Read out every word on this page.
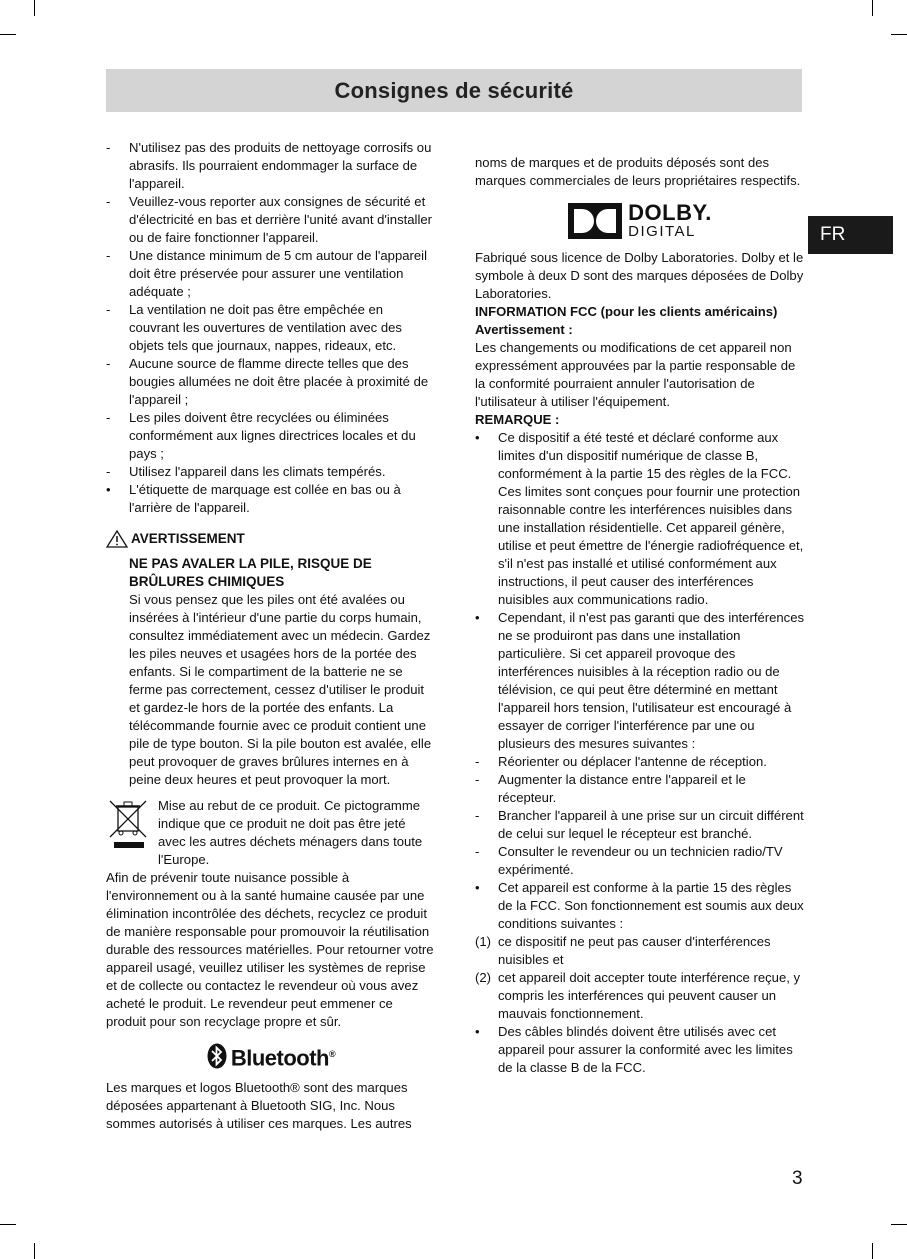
Consignes de sécurité
FR
-	N'utilisez pas des produits de nettoyage corrosifs ou abrasifs. Ils pourraient endommager la surface de l'appareil.
-	Veuillez-vous reporter aux consignes de sécurité et d'électricité en bas et derrière l'unité avant d'installer ou de faire fonctionner l'appareil.
-	Une distance minimum de 5 cm autour de l'appareil doit être préservée pour assurer une ventilation adéquate ;
-	La ventilation ne doit pas être empêchée en couvrant les ouvertures de ventilation avec des objets tels que journaux, nappes, rideaux, etc.
-	Aucune source de flamme directe telles que des bougies allumées ne doit être placée à proximité de l'appareil ;
-	Les piles doivent être recyclées ou éliminées conformément aux lignes directrices locales et du pays ;
-	Utilisez l'appareil dans les climats tempérés.
•	L'étiquette de marquage est collée en bas ou à l'arrière de l'appareil.
AVERTISSEMENT
NE PAS AVALER LA PILE, RISQUE DE BRÛLURES CHIMIQUES

Si vous pensez que les piles ont été avalées ou insérées à l'intérieur d'une partie du corps humain, consultez immédiatement avec un médecin. Gardez les piles neuves et usagées hors de la portée des enfants. Si le compartiment de la batterie ne se ferme pas correctement, cessez d'utiliser le produit et gardez-le hors de la portée des enfants. La télécommande fournie avec ce produit contient une pile de type bouton. Si la pile bouton est avalée, elle peut provoquer de graves brûlures internes en à peine deux heures et peut provoquer la mort.

Mise au rebut de ce produit. Ce pictogramme indique que ce produit ne doit pas être jeté avec les autres déchets ménagers dans toute l'Europe.

Afin de prévenir toute nuisance possible à l'environnement ou à la santé humaine causée par une élimination incontrôlée des déchets, recyclez ce produit de manière responsable pour promouvoir la réutilisation durable des ressources matérielles. Pour retourner votre appareil usagé, veuillez utiliser les systèmes de reprise et de collecte ou contactez le revendeur où vous avez acheté le produit. Le revendeur peut emmener ce produit pour son recyclage propre et sûr.

Bluetooth®

Les marques et logos Bluetooth® sont des marques déposées appartenant à Bluetooth SIG, Inc. Nous sommes autorisés à utiliser ces marques. Les autres

noms de marques et de produits déposés sont des marques commerciales de leurs propriétaires respectifs.

DOLBY.
DIGITAL

Fabriqué sous licence de Dolby Laboratories. Dolby et le symbole à deux D sont des marques déposées de Dolby Laboratories.

INFORMATION FCC (pour les clients américains)

Avertissement :

Les changements ou modifications de cet appareil non expressément approuvées par la partie responsable de la conformité pourraient annuler l'autorisation de l'utilisateur à utiliser l'équipement.

REMARQUE :

•	Ce dispositif a été testé et déclaré conforme aux limites d'un dispositif numérique de classe B, conformément à la partie 15 des règles de la FCC. Ces limites sont conçues pour fournir une protection raisonnable contre les interférences nuisibles dans une installation résidentielle. Cet appareil génère, utilise et peut émettre de l'énergie radiofréquence et, s'il n'est pas installé et utilisé conformément aux instructions, il peut causer des interférences nuisibles aux communications radio.
•	Cependant, il n'est pas garanti que des interférences ne se produiront pas dans une installation particulière. Si cet appareil provoque des interférences nuisibles à la réception radio ou de télévision, ce qui peut être déterminé en mettant l'appareil hors tension, l'utilisateur est encouragé à essayer de corriger l'interférence par une ou plusieurs des mesures suivantes :
-	Réorienter ou déplacer l'antenne de réception.
-	Augmenter la distance entre l'appareil et le récepteur.
-	Brancher l'appareil à une prise sur un circuit différent de celui sur lequel le récepteur est branché.
-	Consulter le revendeur ou un technicien radio/TV expérimenté.
•	Cet appareil est conforme à la partie 15 des règles de la FCC. Son fonctionnement est soumis aux deux conditions suivantes :
(1) ce dispositif ne peut pas causer d'interférences nuisibles et
(2) cet appareil doit accepter toute interférence reçue, y compris les interférences qui peuvent causer un mauvais fonctionnement.
•	Des câbles blindés doivent être utilisés avec cet appareil pour assurer la conformité avec les limites de la classe B de la FCC.
3
